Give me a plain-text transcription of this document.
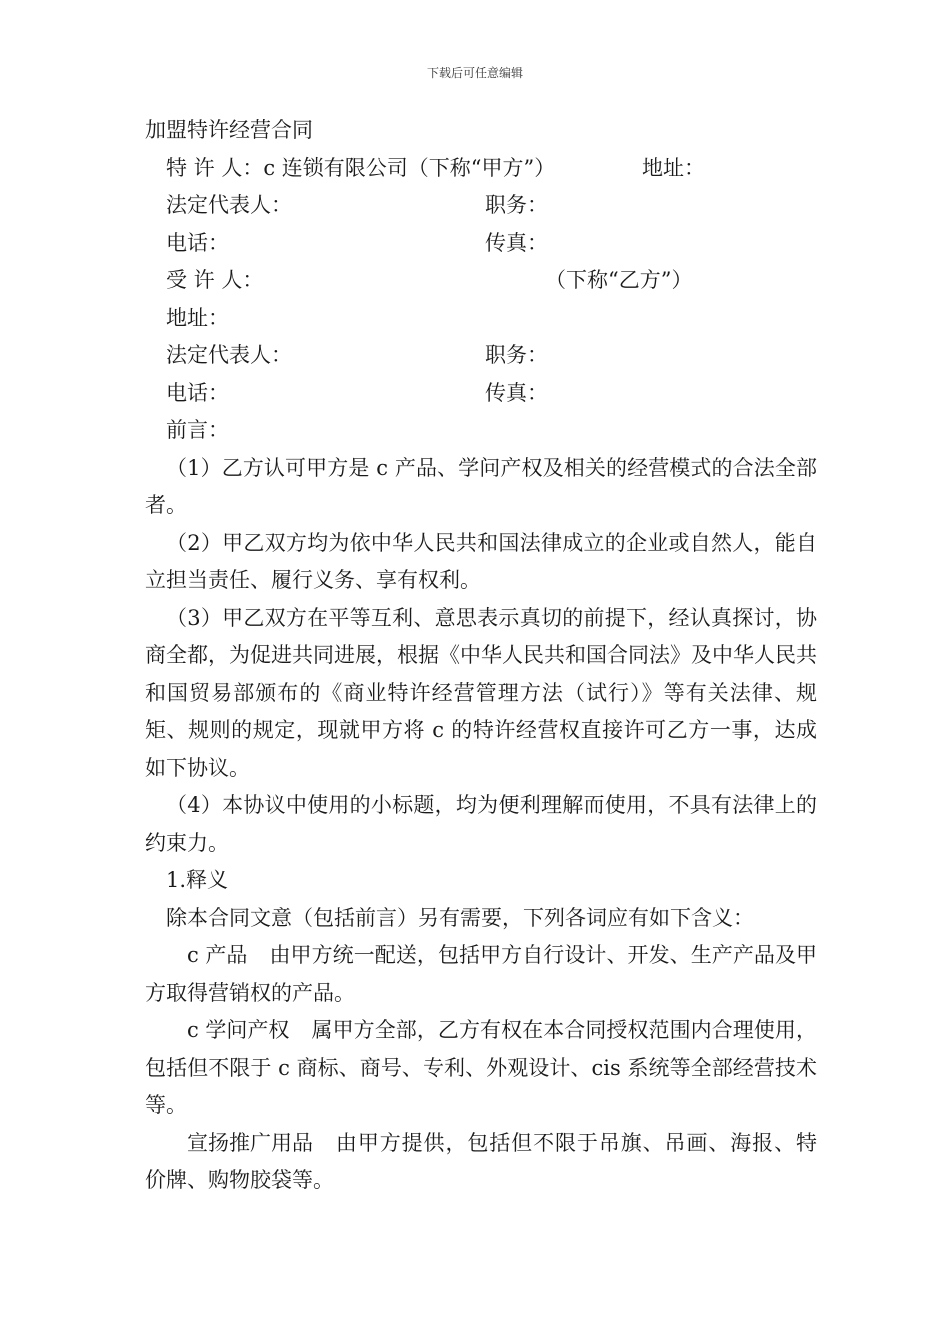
下载后可任意编辑
加盟特许经营合同
特 许 人：c 连锁有限公司（下称“甲方”）	地址：
法定代表人：	职务：
电话：	传真：
受 许 人：	（下称“乙方”）
地址：
法定代表人：	职务：
电话：	传真：
前言：
（1）乙方认可甲方是 c 产品、学问产权及相关的经营模式的合法全部者。
（2）甲乙双方均为依中华人民共和国法律成立的企业或自然人，能自立担当责任、履行义务、享有权利。
（3）甲乙双方在平等互利、意思表示真切的前提下，经认真探讨，协商全都，为促进共同进展，根据《中华人民共和国合同法》及中华人民共和国贸易部颁布的《商业特许经营管理方法（试行）》等有关法律、规矩、规则的规定，现就甲方将 c 的特许经营权直接许可乙方一事，达成如下协议。
（4）本协议中使用的小标题，均为便利理解而使用，不具有法律上的约束力。
1.释义
除本合同文意（包括前言）另有需要，下列各词应有如下含义：
c 产品 由甲方统一配送，包括甲方自行设计、开发、生产产品及甲方取得营销权的产品。
c 学问产权 属甲方全部，乙方有权在本合同授权范围内合理使用，包括但不限于 c 商标、商号、专利、外观设计、cis 系统等全部经营技术等。
宣扬推广用品 由甲方提供，包括但不限于吊旗、吊画、海报、特价牌、购物胶袋等。
